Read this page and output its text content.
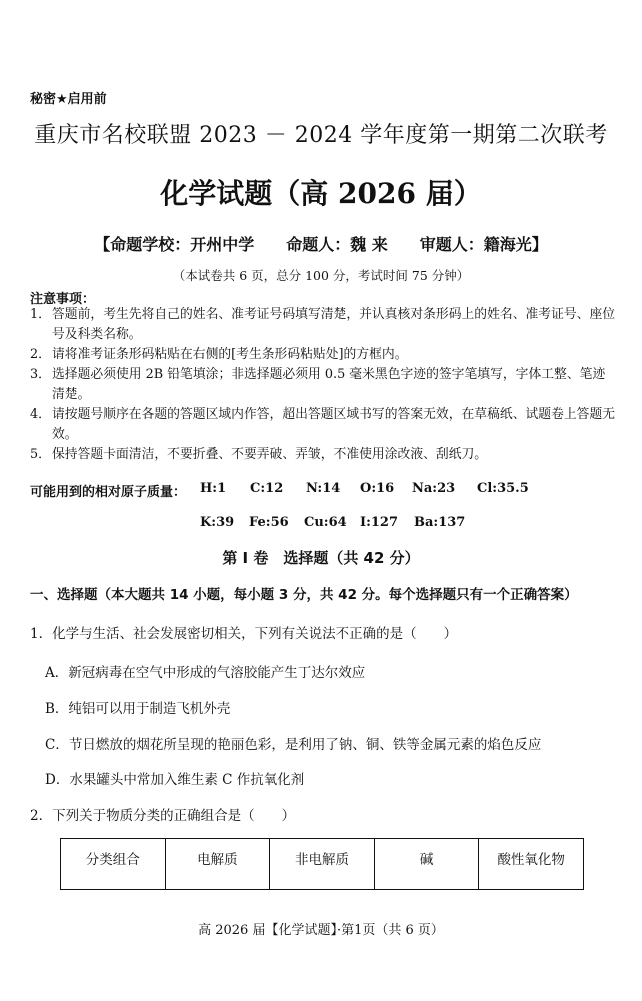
秘密★启用前
重庆市名校联盟 2023 － 2024 学年度第一期第二次联考
化学试题（高 2026 届）
【命题学校：开州中学　　命题人：魏 来　　审题人：籍海光】
（本试卷共 6 页，总分 100 分，考试时间 75 分钟）
注意事项：
1． 答题前，考生先将自己的姓名、准考证号码填写清楚，并认真核对条形码上的姓名、准考证号、座位号及科类名称。
2． 请将准考证条形码粘贴在右侧的[考生条形码粘贴处]的方框内。
3． 选择题必须使用 2B 铅笔填涂；非选择题必须用 0.5 毫米黑色字迹的签字笔填写，字体工整、笔迹清楚。
4． 请按题号顺序在各题的答题区域内作答，超出答题区域书写的答案无效，在草稿纸、试题卷上答题无效。
5． 保持答题卡面清洁，不要折叠、不要弄破、弄皱，不准使用涂改液、刮纸刀。
可能用到的相对原子质量： H:1 C:12 N:14 O:16 Na:23 Cl:35.5
K:39 Fe:56 Cu:64 I:127 Ba:137
第 I 卷　选择题（共 42 分）
一、选择题（本大题共 14 小题，每小题 3 分，共 42 分。每个选择题只有一个正确答案）
1．化学与生活、社会发展密切相关，下列有关说法不正确的是（　　）
A．新冠病毒在空气中形成的气溶胶能产生丁达尔效应
B．纯铝可以用于制造飞机外壳
C．节日燃放的烟花所呈现的艳丽色彩，是利用了钠、铜、铁等金属元素的焰色反应
D．水果罐头中常加入维生素 C 作抗氧化剂
2．下列关于物质分类的正确组合是（　　）
分类组合	电解质	非电解质	碱	酸性氧化物
高 2026 届【化学试题】·第1页（共 6 页）
